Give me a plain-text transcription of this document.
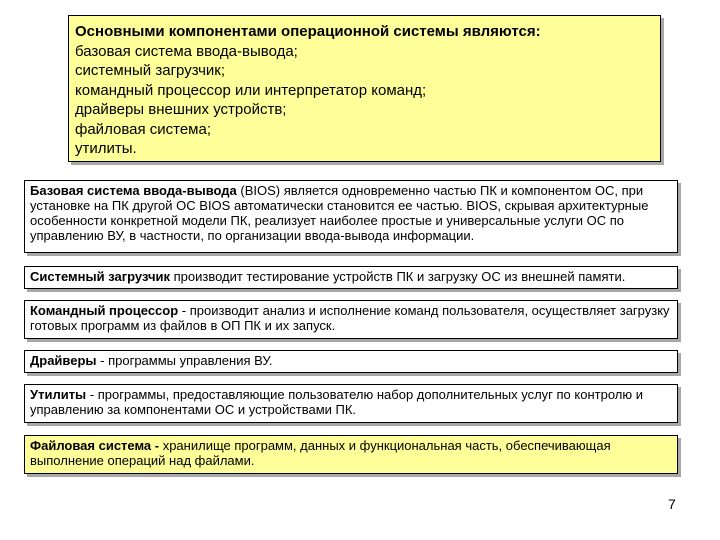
Основными компонентами операционной системы являются:
базовая система ввода-вывода;
системный загрузчик;
командный процессор или интерпретатор команд;
драйверы внешних устройств;
файловая система;
утилиты.
Базовая система ввода-вывода (BIOS) является одновременно частью ПК и компонентом ОС, при установке на ПК другой ОС BIOS автоматически становится ее частью. BIOS, скрывая архитектурные особенности конкретной модели ПК, реализует наиболее простые и универсальные услуги ОС по управлению ВУ, в частности, по организации ввода-вывода информации.
Системный загрузчик производит тестирование устройств ПК и загрузку ОС из внешней памяти.
Командный процессор - производит анализ и исполнение команд пользователя, осуществляет загрузку готовых программ из файлов в ОП ПК и их запуск.
Драйверы - программы управления ВУ.
Утилиты - программы, предоставляющие пользователю набор дополнительных услуг по контролю и управлению за компонентами ОС и устройствами ПК.
Файловая система - хранилище программ, данных и функциональная часть, обеспечивающая выполнение операций над файлами.
7
